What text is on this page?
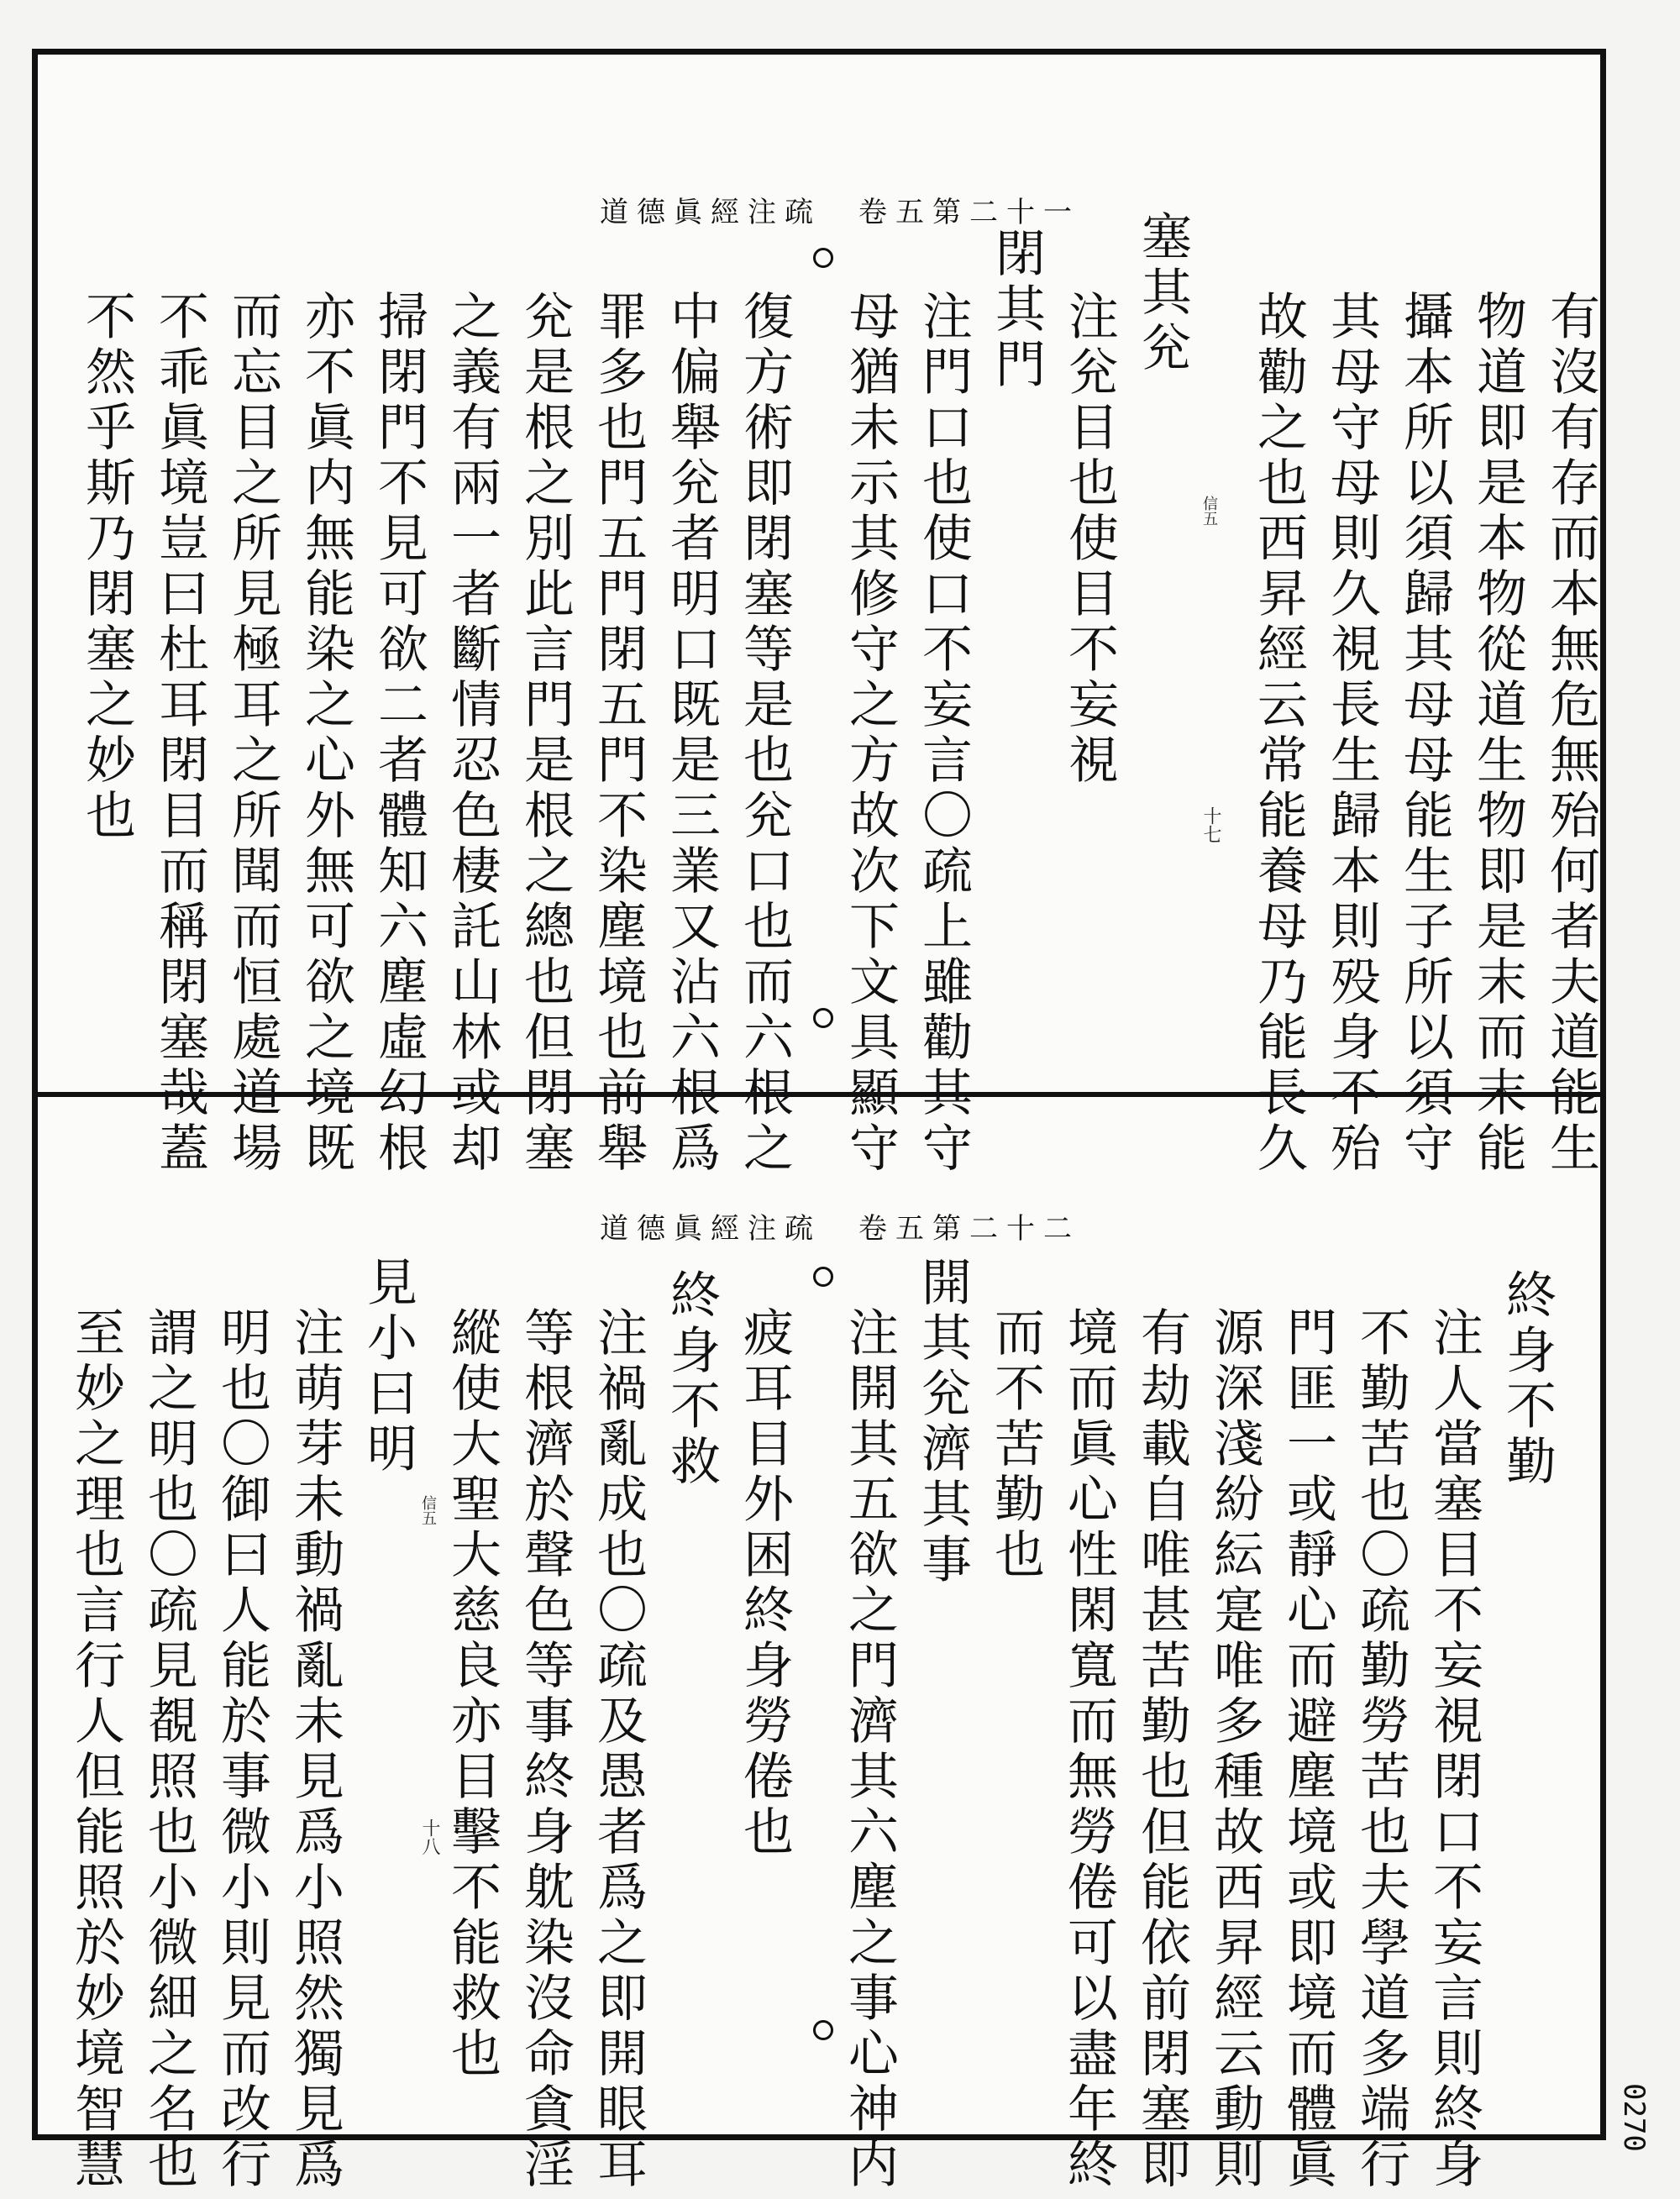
0270
道德眞經注疏　卷五第二十一
有沒有存而本無危無殆何者夫道能生
物道即是本物從道生物即是末而末能
攝本所以須歸其母母能生子所以須守
其母守母則久視長生歸本則殁身不殆
故勸之也西昇經云常能養母乃能長久
塞其兊
注兊目也使目不妄視
閉其門
注門口也使口不妄言〇疏上雖勸其守
母猶未示其修守之方故次下文具顯守
復方術即閉塞等是也兊口也而六根之
中偏舉兊者明口既是三業又沾六根爲
罪多也門五門閉五門不染塵境也前舉
兊是根之別此言門是根之總也但閉塞
之義有兩一者斷情忍色棲託山林或却
掃閉門不見可欲二者體知六塵虛幻根
亦不眞内無能染之心外無可欲之境既
而忘目之所見極耳之所聞而恒處道場
不乖眞境豈曰杜耳閉目而稱閉塞哉蓋
不然乎斯乃閉塞之妙也	信五
十七
道德眞經注疏　卷五第二十二
終身不勤
注人當塞目不妄視閉口不妄言則終身
不勤苦也〇疏勤勞苦也夫學道多端行
門匪一或靜心而避塵境或即境而體眞
源深淺紛紜寔唯多種故西昇經云動則
有劫載自唯甚苦勤也但能依前閉塞即
境而眞心性閑寬而無勞倦可以盡年終
而不苦勤也
開其兊濟其事
注開其五欲之門濟其六塵之事心神内
疲耳目外困終身勞倦也
終身不救
注禍亂成也〇疏及愚者爲之即開眼耳
等根濟於聲色等事終身躭染沒命貪淫
縱使大聖大慈良亦目擊不能救也
見小曰明
注萌芽未動禍亂未見爲小照然獨見爲
明也〇御曰人能於事微小則見而改行
謂之明也〇疏見覩照也小微細之名也
至妙之理也言行人但能照於妙境智慧	信五
十八
